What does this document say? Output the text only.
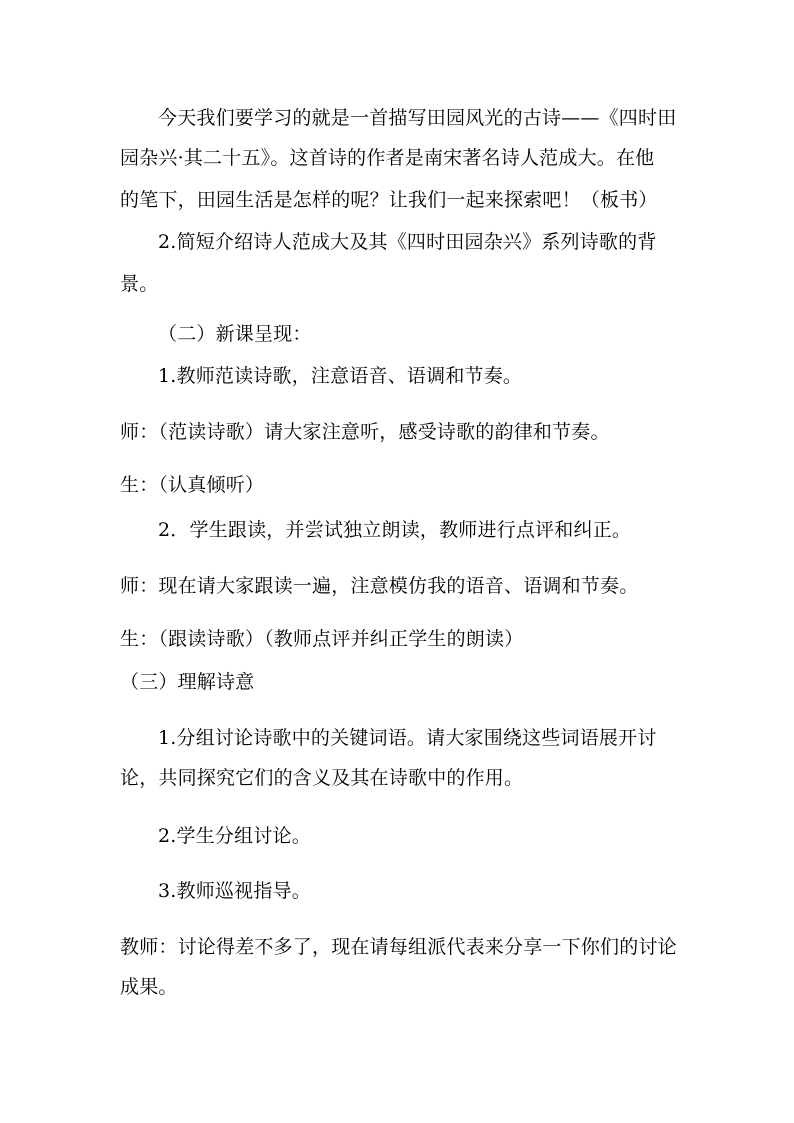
今天我们要学习的就是一首描写田园风光的古诗——《四时田
园杂兴·其二十五》。这首诗的作者是南宋著名诗人范成大。在他
的笔下，田园生活是怎样的呢？让我们一起来探索吧！（板书）
2.简短介绍诗人范成大及其《四时田园杂兴》系列诗歌的背
景。
（二）新课呈现：
1.教师范读诗歌，注意语音、语调和节奏。
师：（范读诗歌）请大家注意听，感受诗歌的韵律和节奏。
生：（认真倾听）
2．学生跟读，并尝试独立朗读，教师进行点评和纠正。
师：现在请大家跟读一遍，注意模仿我的语音、语调和节奏。
生：（跟读诗歌）（教师点评并纠正学生的朗读）
（三）理解诗意
1.分组讨论诗歌中的关键词语。请大家围绕这些词语展开讨
论，共同探究它们的含义及其在诗歌中的作用。
2.学生分组讨论。
3.教师巡视指导。
教师：讨论得差不多了，现在请每组派代表来分享一下你们的讨论
成果。
